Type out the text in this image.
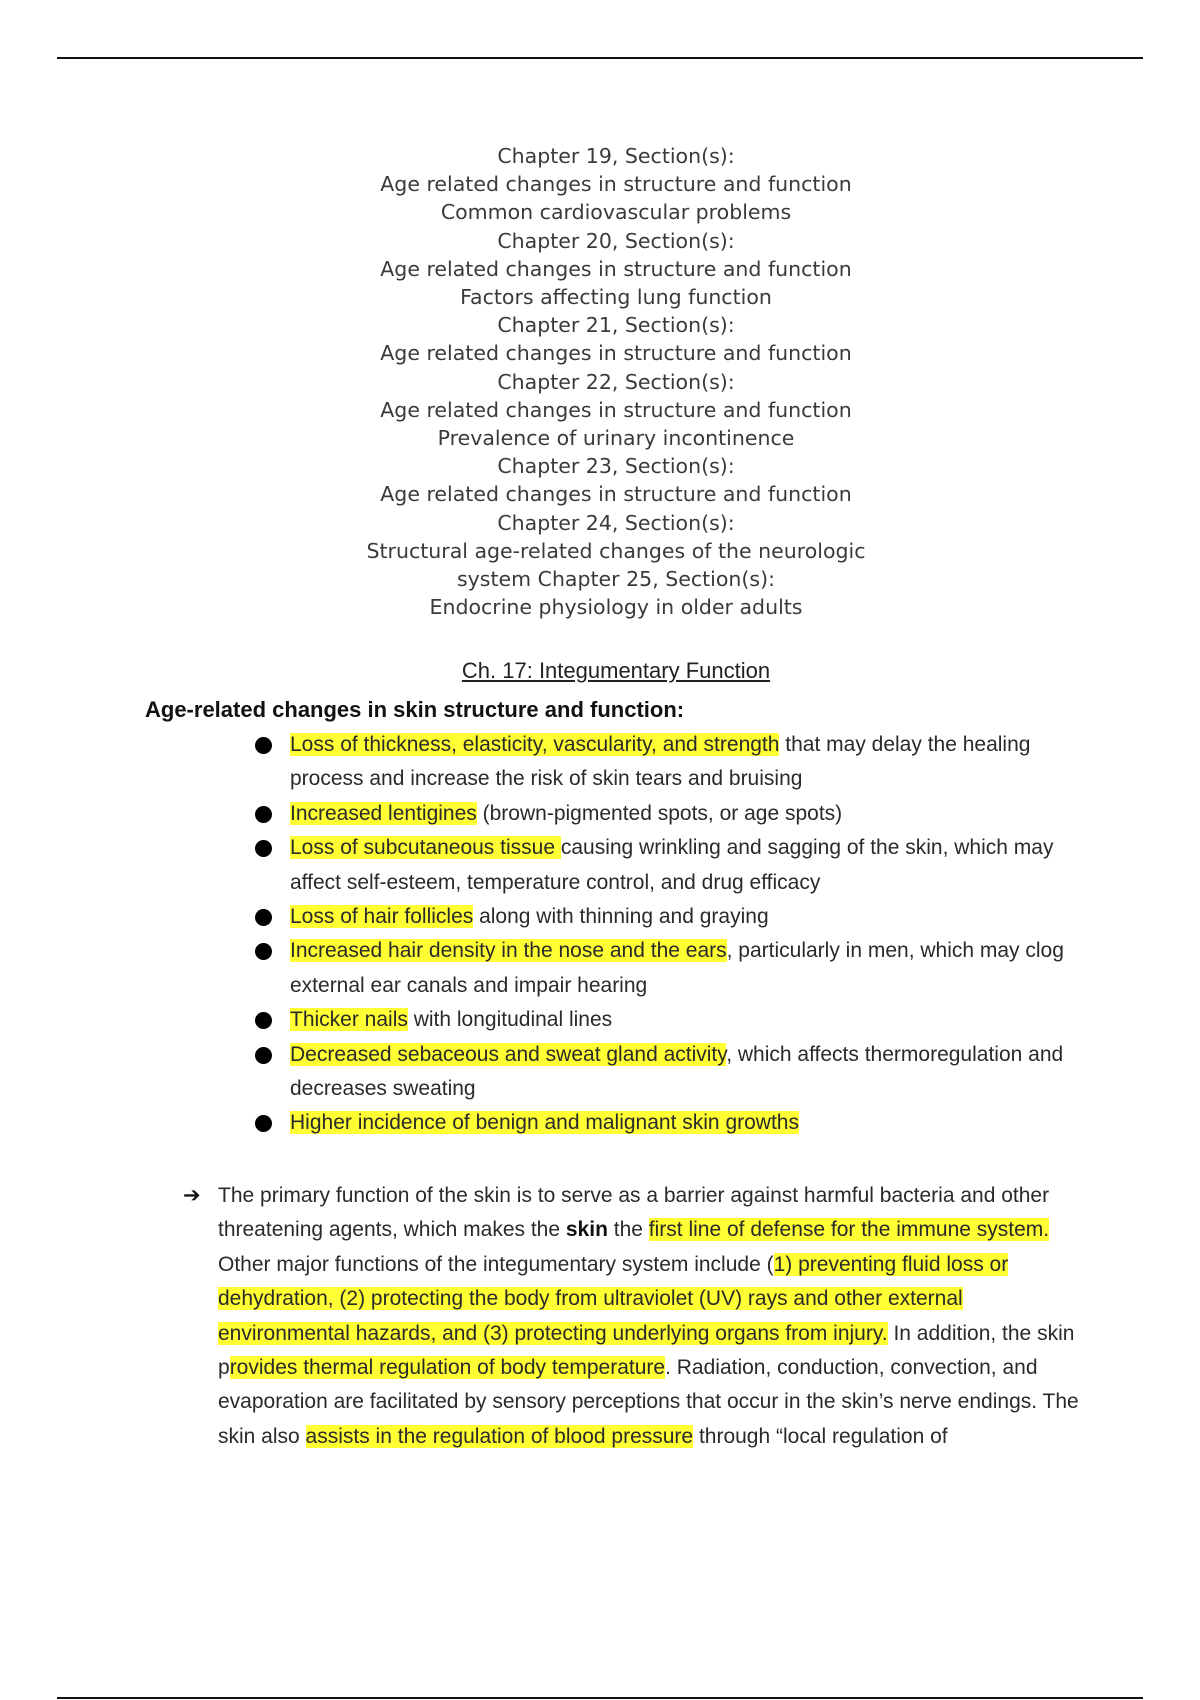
Chapter 19, Section(s):
Age related changes in structure and function
Common cardiovascular problems
Chapter 20, Section(s):
Age related changes in structure and function
Factors affecting lung function
Chapter 21, Section(s):
Age related changes in structure and function
Chapter 22, Section(s):
Age related changes in structure and function
Prevalence of urinary incontinence
Chapter 23, Section(s):
Age related changes in structure and function
Chapter 24, Section(s):
Structural age-related changes of the neurologic
system Chapter 25, Section(s):
Endocrine physiology in older adults
Ch. 17: Integumentary Function
Age-related changes in skin structure and function:
Loss of thickness, elasticity, vascularity, and strength that may delay the healing process and increase the risk of skin tears and bruising
Increased lentigines (brown-pigmented spots, or age spots)
Loss of subcutaneous tissue causing wrinkling and sagging of the skin, which may affect self-esteem, temperature control, and drug efficacy
Loss of hair follicles along with thinning and graying
Increased hair density in the nose and the ears, particularly in men, which may clog external ear canals and impair hearing
Thicker nails with longitudinal lines
Decreased sebaceous and sweat gland activity, which affects thermoregulation and decreases sweating
Higher incidence of benign and malignant skin growths
➔ The primary function of the skin is to serve as a barrier against harmful bacteria and other threatening agents, which makes the skin the first line of defense for the immune system. Other major functions of the integumentary system include (1) preventing fluid loss or dehydration, (2) protecting the body from ultraviolet (UV) rays and other external environmental hazards, and (3) protecting underlying organs from injury. In addition, the skin provides thermal regulation of body temperature. Radiation, conduction, convection, and evaporation are facilitated by sensory perceptions that occur in the skin’s nerve endings. The skin also assists in the regulation of blood pressure through “local regulation of
